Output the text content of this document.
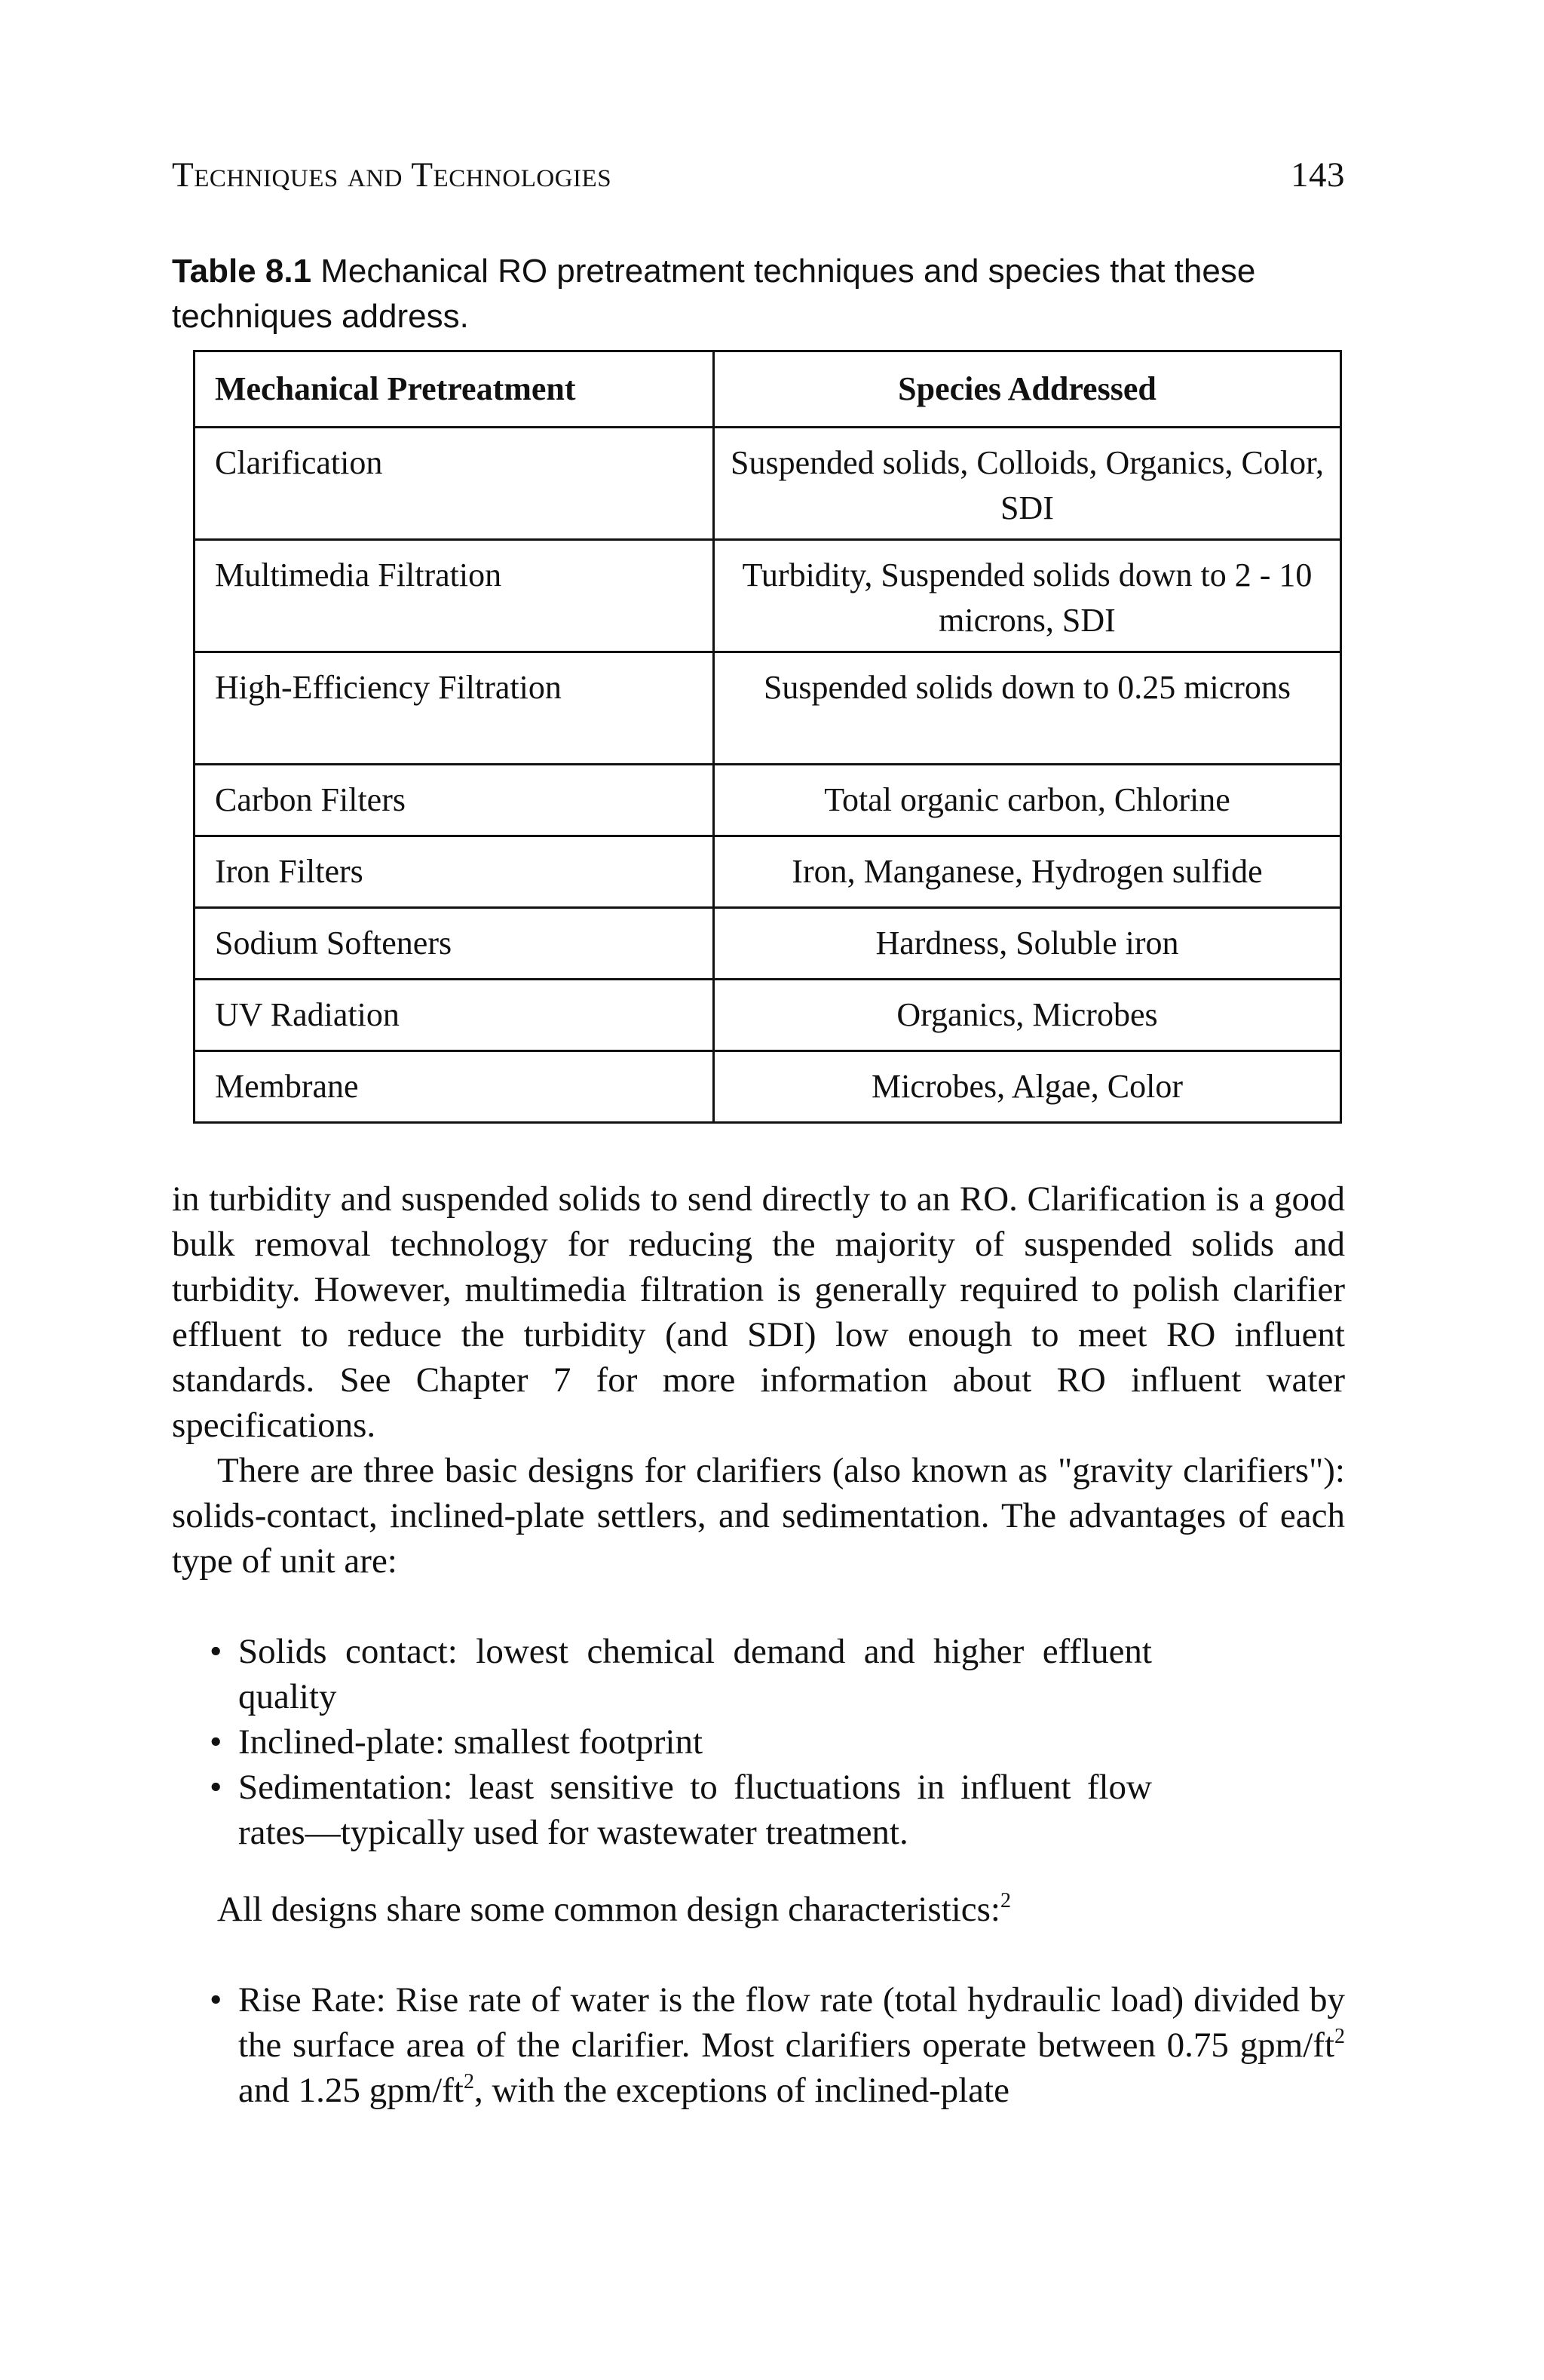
Techniques and Technologies	143
Table 8.1 Mechanical RO pretreatment techniques and species that these techniques address.
Mechanical Pretreatment	Species Addressed
Clarification	Suspended solids, Colloids, Organics, Color, SDI
Multimedia Filtration	Turbidity, Suspended solids down to 2 - 10 microns, SDI
High-Efficiency Filtration	Suspended solids down to 0.25 microns
Carbon Filters	Total organic carbon, Chlorine
Iron Filters	Iron, Manganese, Hydrogen sulfide
Sodium Softeners	Hardness, Soluble iron
UV Radiation	Organics, Microbes
Membrane	Microbes, Algae, Color

in turbidity and suspended solids to send directly to an RO. Clarification is a good bulk removal technology for reducing the majority of suspended solids and turbidity. However, multimedia filtration is generally required to polish clarifier effluent to reduce the turbidity (and SDI) low enough to meet RO influent standards. See Chapter 7 for more information about RO influent water specifications.

There are three basic designs for clarifiers (also known as "gravity clarifiers"): solids-contact, inclined-plate settlers, and sedimentation. The advantages of each type of unit are:

• Solids contact: lowest chemical demand and higher effluent quality
• Inclined-plate: smallest footprint
• Sedimentation: least sensitive to fluctuations in influent flow rates—typically used for wastewater treatment.

All designs share some common design characteristics:$^2$

• Rise Rate: Rise rate of water is the flow rate (total hydraulic load) divided by the surface area of the clarifier. Most clarifiers operate between 0.75 gpm/$ft^2$ and 1.25 gpm/$ft^2$, with the exceptions of inclined-plate
